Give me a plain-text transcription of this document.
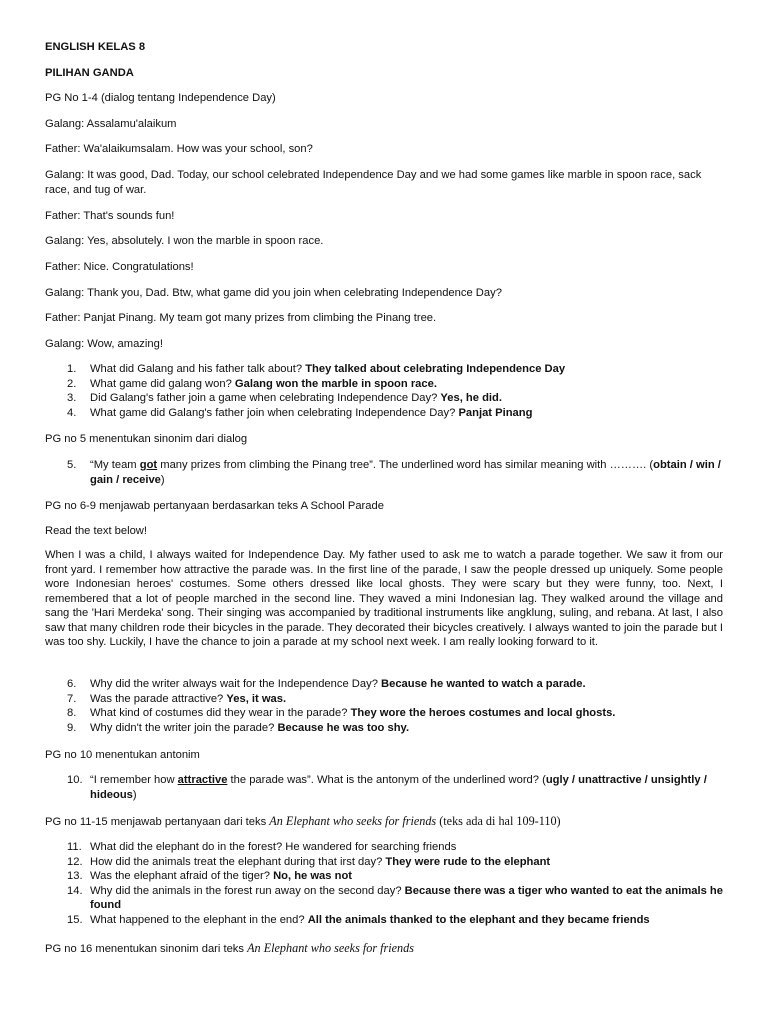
ENGLISH KELAS 8

PILIHAN GANDA

PG No 1-4 (dialog tentang Independence Day)

Galang: Assalamu'alaikum

Father: Wa'alaikumsalam. How was your school, son?

Galang: It was good, Dad. Today, our school celebrated Independence Day and we had some games like marble in spoon race, sack race, and tug of war.

Father: That's sounds fun!

Galang: Yes, absolutely. I won the marble in spoon race.

Father: Nice. Congratulations!

Galang: Thank you, Dad. Btw, what game did you join when celebrating Independence Day?

Father: Panjat Pinang. My team got many prizes from climbing the Pinang tree.

Galang: Wow, amazing!

1. What did Galang and his father talk about? They talked about celebrating Independence Day
2. What game did galang won? Galang won the marble in spoon race.
3. Did Galang's father join a game when celebrating Independence Day? Yes, he did.
4. What game did Galang's father join when celebrating Independence Day? Panjat Pinang

PG no 5 menentukan sinonim dari dialog

5. “My team got many prizes from climbing the Pinang tree”. The underlined word has similar meaning with ………. (obtain / win / gain / receive)

PG no 6-9 menjawab pertanyaan berdasarkan teks A School Parade

Read the text below!

When I was a child, I always waited for Independence Day. My father used to ask me to watch a parade together. We saw it from our front yard. I remember how attractive the parade was. In the first line of the parade, I saw the people dressed up uniquely. Some people wore Indonesian heroes' costumes. Some others dressed like local ghosts. They were scary but they were funny, too. Next, I remembered that a lot of people marched in the second line. They waved a mini Indonesian lag. They walked around the village and sang the 'Hari Merdeka' song. Their singing was accompanied by traditional instruments like angklung, suling, and rebana. At last, I also saw that many children rode their bicycles in the parade. They decorated their bicycles creatively. I always wanted to join the parade but I was too shy. Luckily, I have the chance to join a parade at my school next week. I am really looking forward to it.

6. Why did the writer always wait for the Independence Day? Because he wanted to watch a parade.
7. Was the parade attractive? Yes, it was.
8. What kind of costumes did they wear in the parade? They wore the heroes costumes and local ghosts.
9. Why didn't the writer join the parade? Because he was too shy.

PG no 10 menentukan antonim

10. “I remember how attractive the parade was”. What is the antonym of the underlined word? (ugly / unattractive / unsightly / hideous)

PG no 11-15 menjawab pertanyaan dari teks An Elephant who seeks for friends (teks ada di hal 109-110)

11. What did the elephant do in the forest? He wandered for searching friends
12. How did the animals treat the elephant during that irst day? They were rude to the elephant
13. Was the elephant afraid of the tiger? No, he was not
14. Why did the animals in the forest run away on the second day? Because there was a tiger who wanted to eat the animals he found
15. What happened to the elephant in the end? All the animals thanked to the elephant and they became friends

PG no 16 menentukan sinonim dari teks An Elephant who seeks for friends
